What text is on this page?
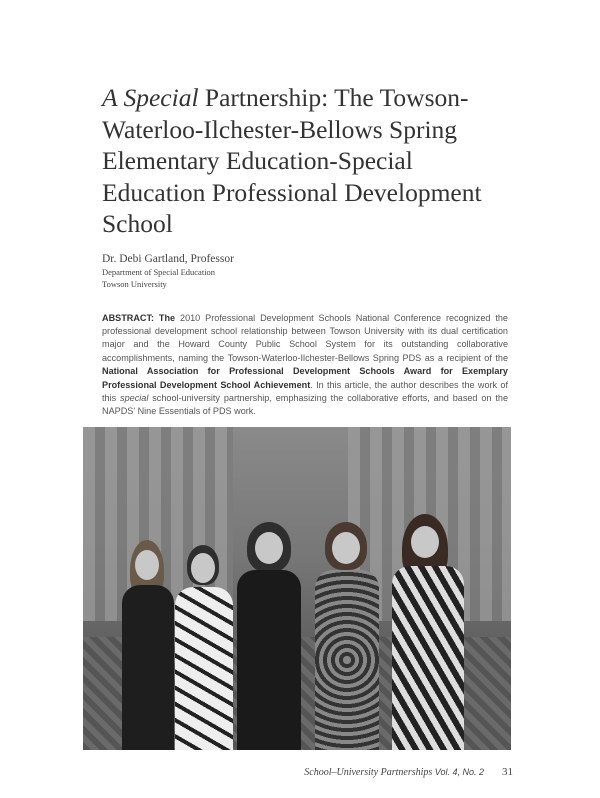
A Special Partnership: The Towson-Waterloo-Ilchester-Bellows Spring Elementary Education-Special Education Professional Development School
Dr. Debi Gartland, Professor
Department of Special Education
Towson University
ABSTRACT: The 2010 Professional Development Schools National Conference recognized the professional development school relationship between Towson University with its dual certification major and the Howard County Public School System for its outstanding collaborative accomplishments, naming the Towson-Waterloo-Ilchester-Bellows Spring PDS as a recipient of the National Association for Professional Development Schools Award for Exemplary Professional Development School Achievement. In this article, the author describes the work of this special school-university partnership, emphasizing the collaborative efforts, and based on the NAPDS' Nine Essentials of PDS work.
School–University Partnerships Vol. 4, No. 2 31
